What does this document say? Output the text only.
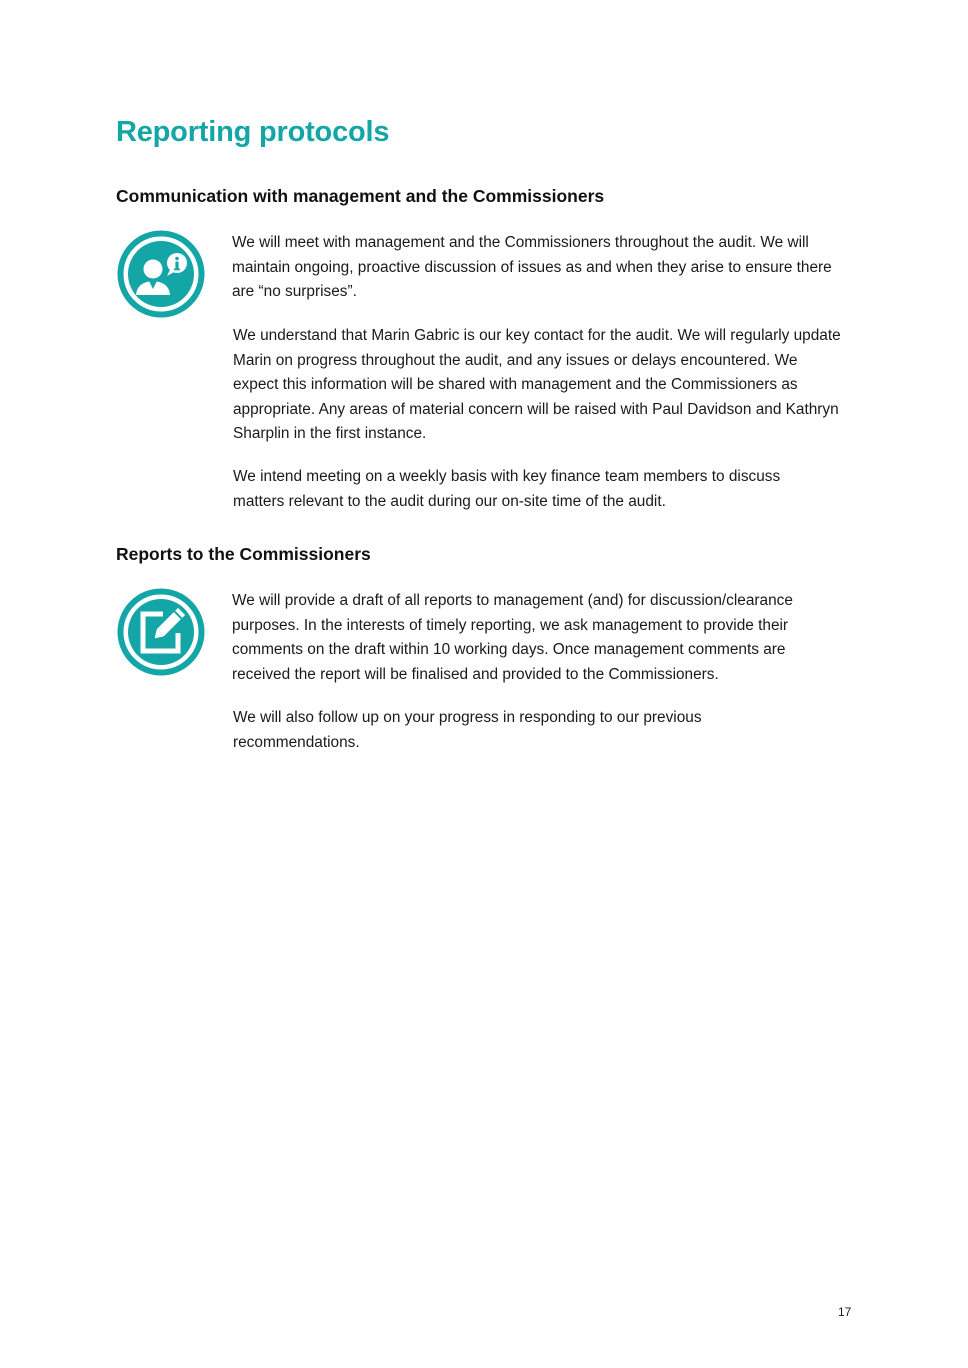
Reporting protocols
Communication with management and the Commissioners

We will meet with management and the Commissioners throughout the audit. We will maintain ongoing, proactive discussion of issues as and when they arise to ensure there are “no surprises”.

We understand that Marin Gabric is our key contact for the audit. We will regularly update Marin on progress throughout the audit, and any issues or delays encountered. We expect this information will be shared with management and the Commissioners as appropriate. Any areas of material concern will be raised with Paul Davidson and Kathryn Sharplin in the first instance.

We intend meeting on a weekly basis with key finance team members to discuss matters relevant to the audit during our on-site time of the audit.

Reports to the Commissioners

We will provide a draft of all reports to management (and) for discussion/clearance purposes. In the interests of timely reporting, we ask management to provide their comments on the draft within 10 working days. Once management comments are received the report will be finalised and provided to the Commissioners.

We will also follow up on your progress in responding to our previous recommendations.

17
